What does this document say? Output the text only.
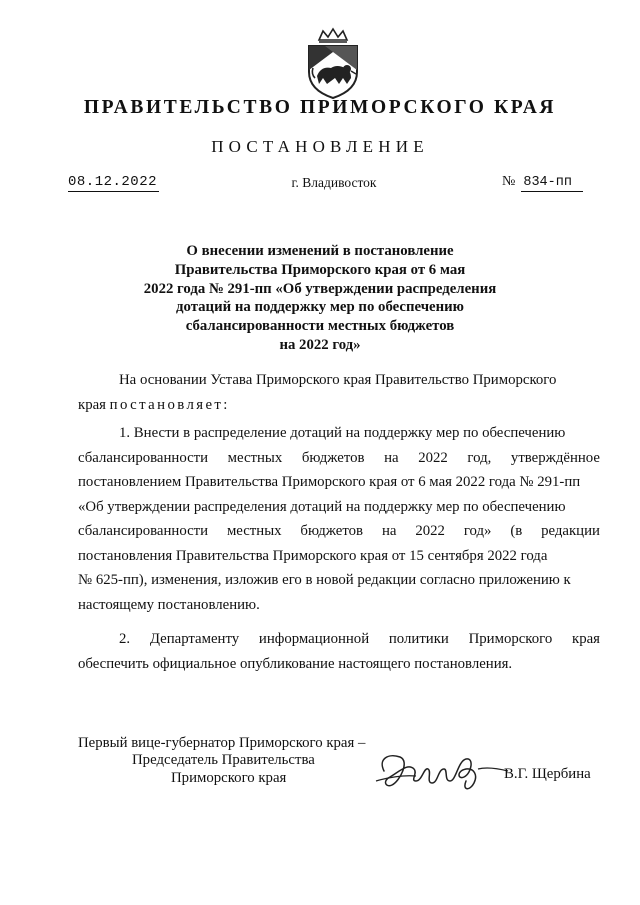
ПРАВИТЕЛЬСТВО ПРИМОРСКОГО КРАЯ
ПОСТАНОВЛЕНИЕ
08.12.2022	г. Владивосток	№ 834-пп
О внесении изменений в постановление
Правительства Приморского края от 6 мая
2022 года № 291-пп «Об утверждении распределения
дотаций на поддержку мер по обеспечению
сбалансированности местных бюджетов
на 2022 год»
На основании Устава Приморского края Правительство Приморского
края постановляет:
1. Внести в распределение дотаций на поддержку мер по обеспечению
сбалансированности местных бюджетов на 2022 год, утверждённое
постановлением Правительства Приморского края от 6 мая 2022 года № 291-пп
«Об утверждении распределения дотаций на поддержку мер по обеспечению
сбалансированности местных бюджетов на 2022 год» (в редакции
постановления Правительства Приморского края от 15 сентября 2022 года
№ 625-пп), изменения, изложив его в новой редакции согласно приложению к
настоящему постановлению.
2. Департаменту информационной политики Приморского края
обеспечить официальное опубликование настоящего постановления.
Первый вице-губернатор Приморского края –
Председатель Правительства
Приморского края	В.Г. Щербина
